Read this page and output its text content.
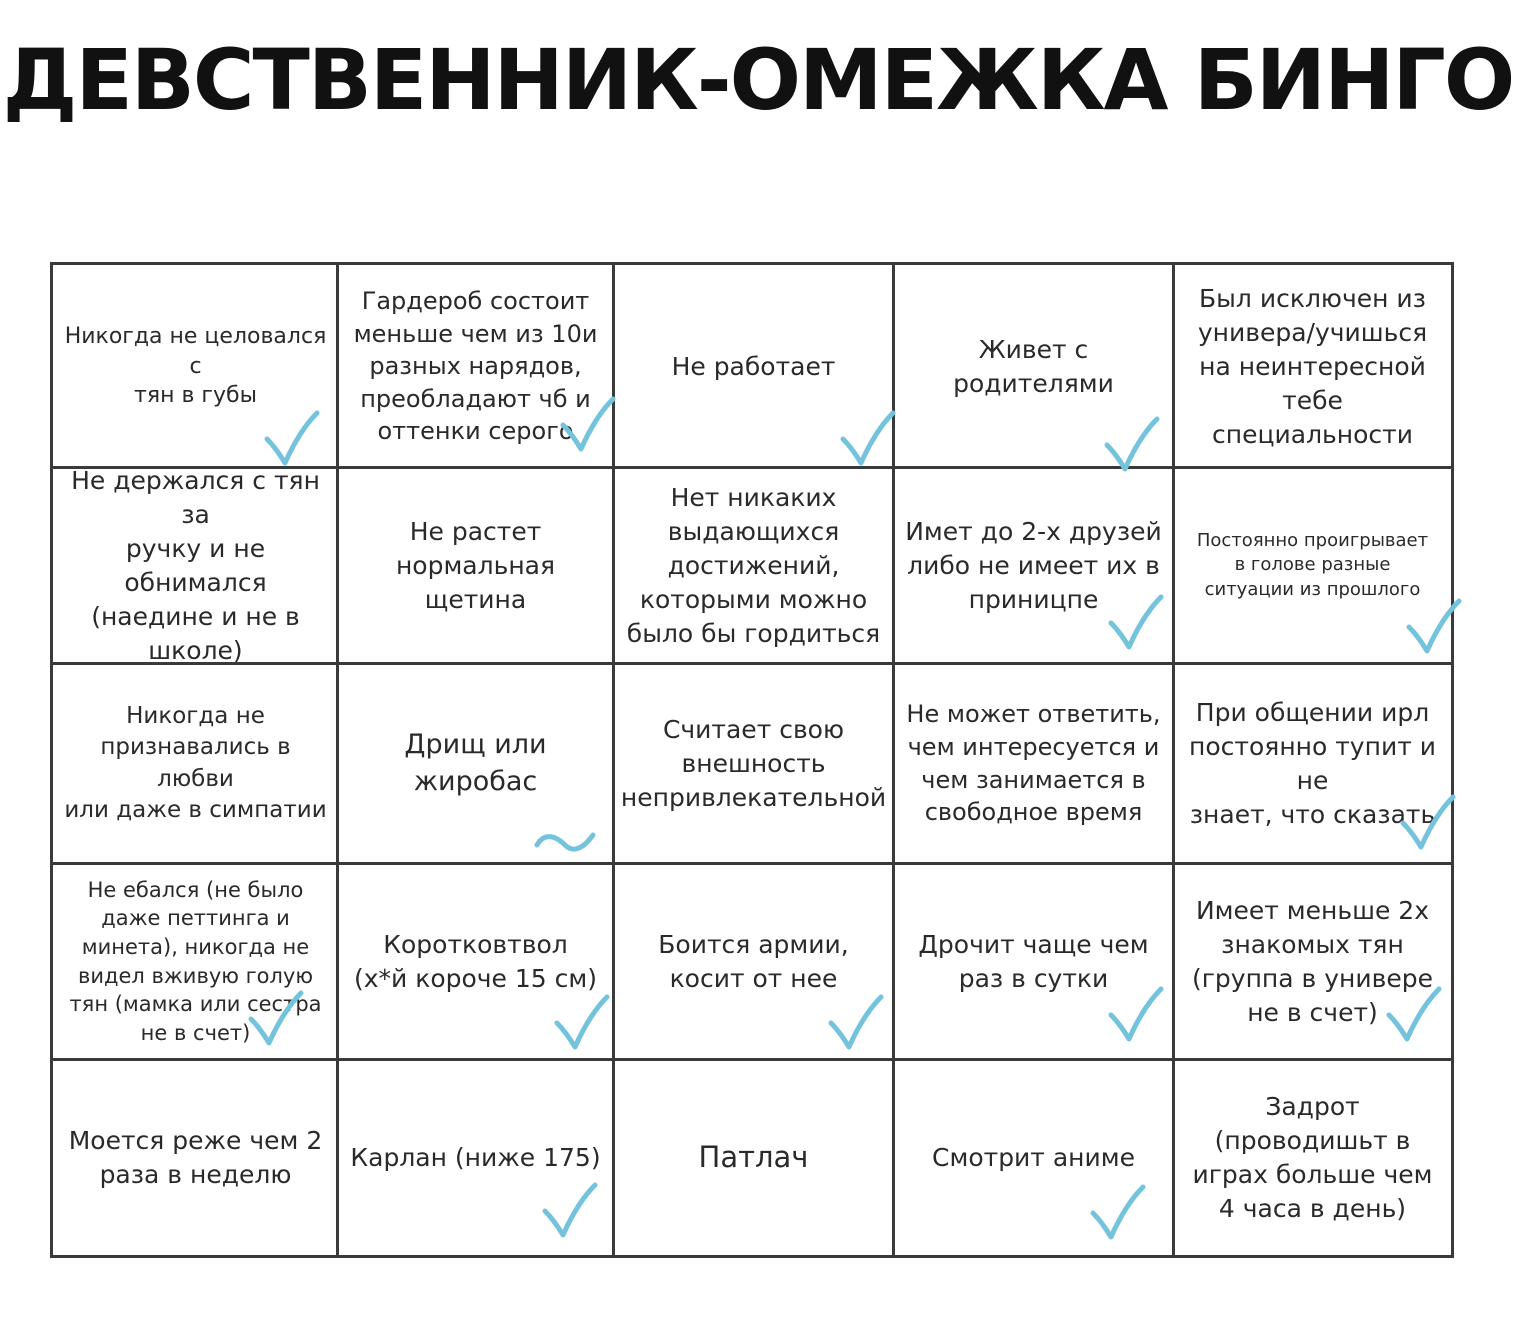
ДЕВСТВЕННИК-ОМЕЖКА БИНГО
Никогда не целовался с
тян в губы
Гардероб состоит
меньше чем из 10и
разных нарядов,
преобладают чб и
оттенки серого
Не работает
Живет с
родителями
Был исключен из
универа/учишься
на неинтересной
тебе специальности
Не держался с тян за
ручку и не обнимался
(наедине и не в
школе)
Не растет
нормальная
щетина
Нет никаких
выдающихся
достижений,
которыми можно
было бы гордиться
Имет до 2-х друзей
либо не имеет их в
приницпе
Постоянно проигрывает
в голове разные
ситуации из прошлого
Никогда не
признавались в любви
или даже в симпатии
Дрищ или жиробас
Считает свою
внешность
непривлекательной
Не может ответить,
чем интересуется и
чем занимается в
свободное время
При общении ирл
постоянно тупит и не
знает, что сказать
Не ебался (не было
даже петтинга и
минета), никогда не
видел вживую голую
тян (мамка или сестра
не в счет)
Коротковтвол
(х*й короче 15 см)
Боится армии,
косит от нее
Дрочит чаще чем
раз в сутки
Имеет меньше 2х
знакомых тян
(группа в универе
не в счет)
Моется реже чем 2
раза в неделю
Карлан (ниже 175)	Патлач	Смотрит аниме
Задрот
(проводишьт в
играх больше чем
4 часа в день)
